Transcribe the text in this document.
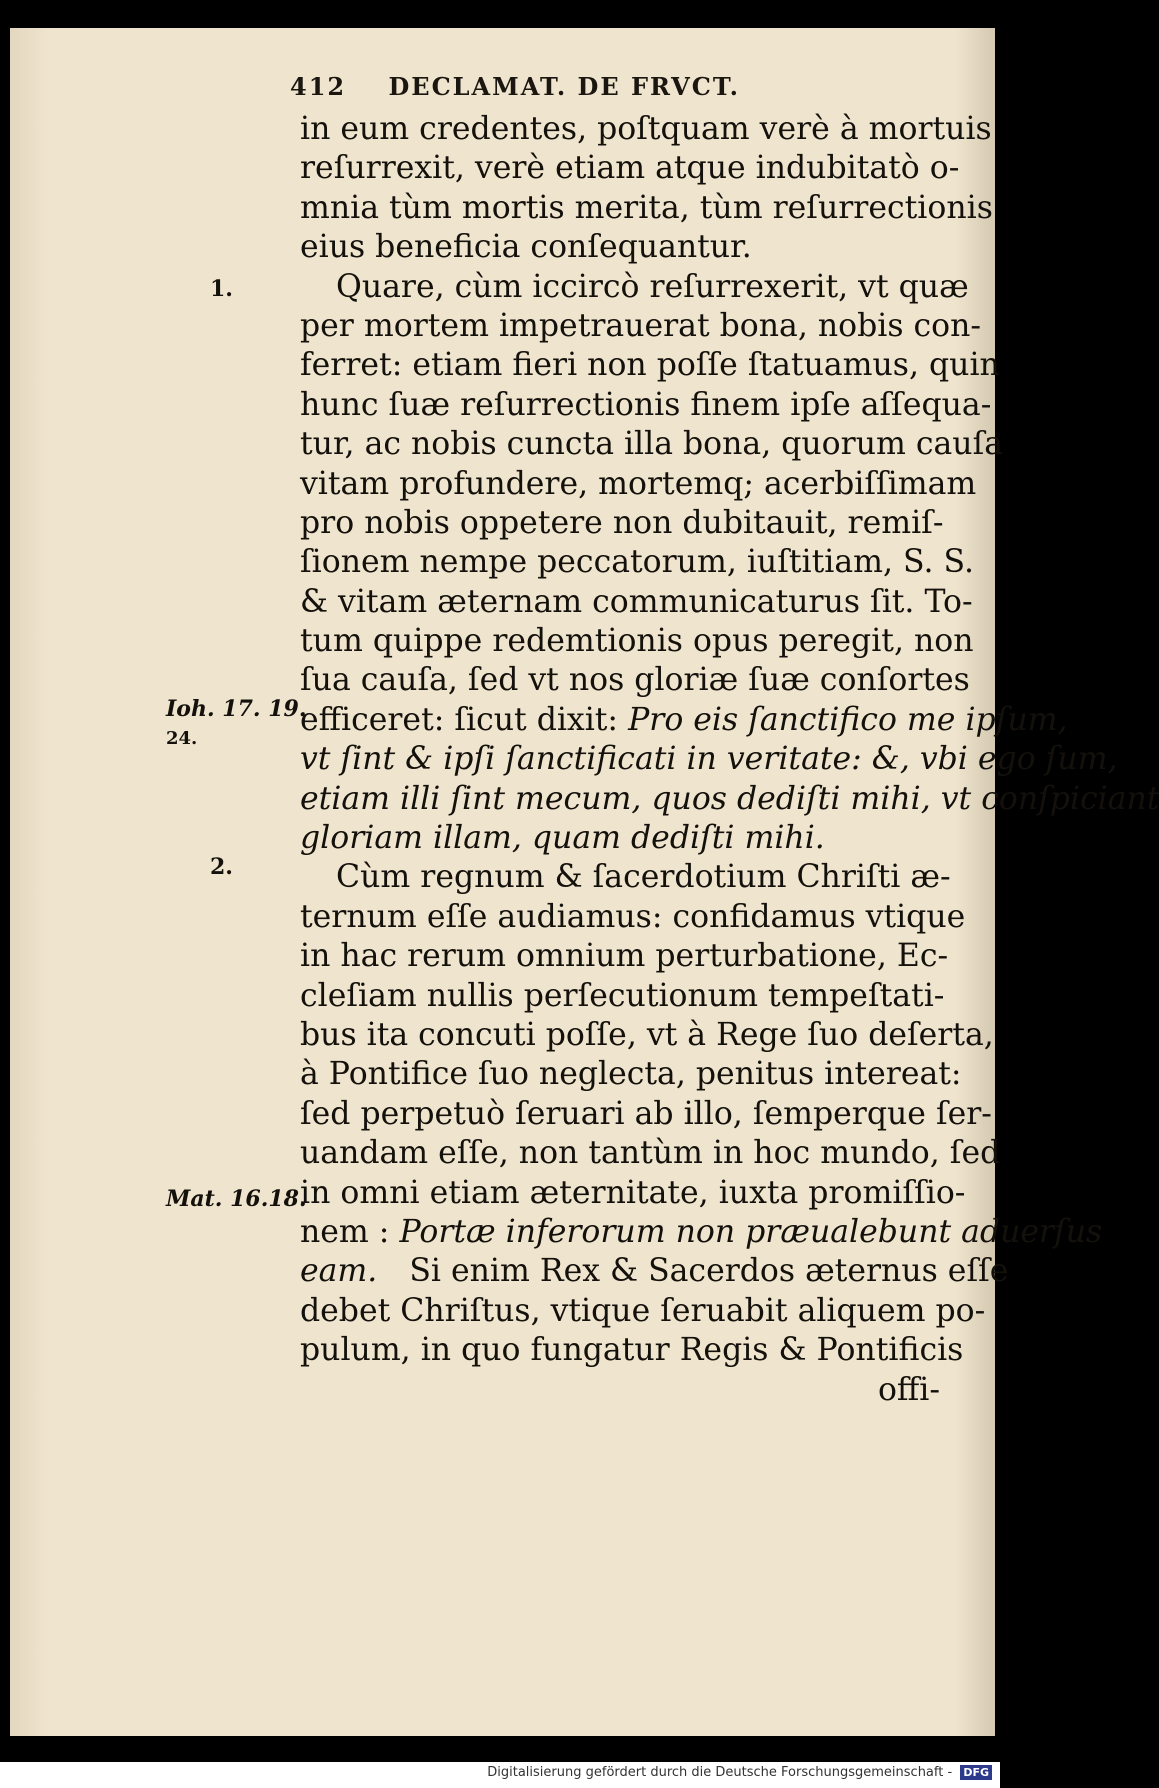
412 DECLAMAT. DE FRVCT.
in eum credentes, poſtquam verè à mortuis
reſurrexit, verè etiam atque indubitatò o-
mnia tùm mortis merita, tùm reſurrectionis
eius beneficia conſequantur.
Quare, cùm iccircò reſurrexerit, vt quæ
per mortem impetrauerat bona, nobis con-
ferret: etiam fieri non poſſe ſtatuamus, quin
hunc ſuæ reſurrectionis finem ipſe aſſequa-
tur, ac nobis cuncta illa bona, quorum cauſa
vitam profundere, mortemq; acerbiſſimam
pro nobis oppetere non dubitauit, remiſ-
ſionem nempe peccatorum, iuſtitiam, S. S.
& vitam æternam communicaturus ſit. To-
tum quippe redemtionis opus peregit, non
ſua cauſa, ſed vt nos gloriæ ſuæ conſortes
efficeret: ſicut dixit: Pro eis ſanctifico me ipſum,
vt ſint & ipſi ſanctificati in veritate: &, vbi ego ſum,
etiam illi ſint mecum, quos dediſti mihi, vt conſpiciant
gloriam illam, quam dediſti mihi.
Cùm regnum & ſacerdotium Chriſti æ-
ternum eſſe audiamus: confidamus vtique
in hac rerum omnium perturbatione, Ec-
cleſiam nullis perſecutionum tempeſtati-
bus ita concuti poſſe, vt à Rege ſuo deſerta,
à Pontifice ſuo neglecta, penitus intereat:
ſed perpetuò ſeruari ab illo, ſemperque ſer-
uandam eſſe, non tantùm in hoc mundo, ſed
in omni etiam æternitate, iuxta promiſſio-
nem : Portæ inferorum non præualebunt aduerſus
eam. Si enim Rex & Sacerdos æternus eſſe
debet Chriſtus, vtique ſeruabit aliquem po-
pulum, in quo fungatur Regis & Pontificis
offi-
1.
Ioh. 17. 19.
24.
2.
Mat. 16.18.
Digitalisierung gefördert durch die Deutsche Forschungsgemeinschaft - DFG
